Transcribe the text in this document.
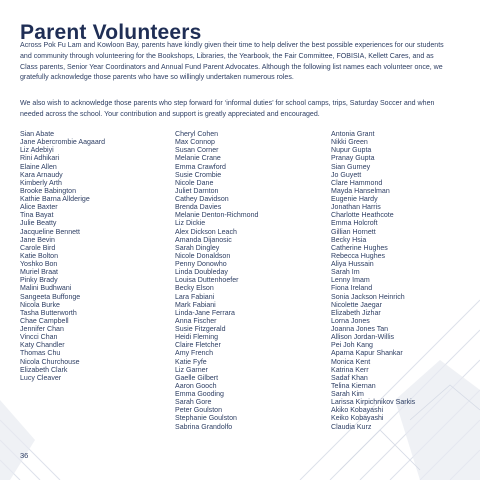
Parent Volunteers

Across Pok Fu Lam and Kowloon Bay, parents have kindly given their time to help deliver the best possible experiences for our students and community through volunteering for the Bookshops, Libraries, the Yearbook, the Fair Committee, FOBISIA, Kellett Cares, and as Class parents, Senior Year Coordinators and Annual Fund Parent Advocates. Although the following list names each volunteer once, we gratefully acknowledge those parents who have so willingly undertaken numerous roles.

We also wish to acknowledge those parents who step forward for ‘informal duties’ for school camps, trips, Saturday Soccer and when needed across the school. Your contribution and support is greatly appreciated and encouraged.

Sian Abate
Jane Abercrombie Aagaard
Liz Adebiyi
Rini Adhikari
Elaine Allen
Kara Arnaudy
Kimberly Arth
Brooke Babington
Kathie Barna Allderige
Alice Baxter
Tina Bayat
Julie Beatty
Jacqueline Bennett
Jane Bevin
Carole Bird
Katie Bolton
Yoshko Bon
Muriel Braat
Pinky Brady
Malini Budhwani
Sangeeta Buffonge
Nicola Burke
Tasha Butterworth
Chae Campbell
Jennifer Chan
Vincci Chan
Katy Chandler
Thomas Chu
Nicola Churchouse
Elizabeth Clark
Lucy Cleaver
Cheryl Cohen
Max Connop
Susan Corner
Melanie Crane
Emma Crawford
Susie Crombie
Nicole Dane
Juliet Darnton
Cathey Davidson
Brenda Davies
Melanie Denton-Richmond
Liz Dickie
Alex Dickson Leach
Amanda Dijanosic
Sarah Dingley
Nicole Donaldson
Penny Donowho
Linda Doubleday
Louisa Duttenhoefer
Becky Elson
Lara Fabiani
Mark Fabiani
Linda-Jane Ferrara
Anna Fischer
Susie Fitzgerald
Heidi Fleming
Claire Fletcher
Amy French
Katie Fyfe
Liz Garner
Gaelle Gilbert
Aaron Gooch
Emma Gooding
Sarah Gore
Peter Goulston
Stephanie Goulston
Sabrina Grandolfo
Antonia Grant
Nikki Green
Nupur Gupta
Pranay Gupta
Sian Gurney
Jo Guyett
Clare Hammond
Mayda Hanselman
Eugenie Hardy
Jonathan Harris
Charlotte Heathcote
Emma Holcroft
Gillian Hornett
Becky Hsia
Catherine Hughes
Rebecca Hughes
Aliya Hussain
Sarah Im
Lenny Imam
Fiona Ireland
Sonia Jackson Heinrich
Nicolette Jaegar
Elizabeth Jizhar
Lorna Jones
Joanna Jones Tan
Allison Jordan-Willis
Pei Joh Kang
Aparna Kapur Shankar
Monica Kent
Katrina Kerr
Sadaf Khan
Telina Kiernan
Sarah Kim
Larissa Kirpichnikov Sarkis
Akiko Kobayashi
Keiko Kobayashi
Claudia Kurz
36
